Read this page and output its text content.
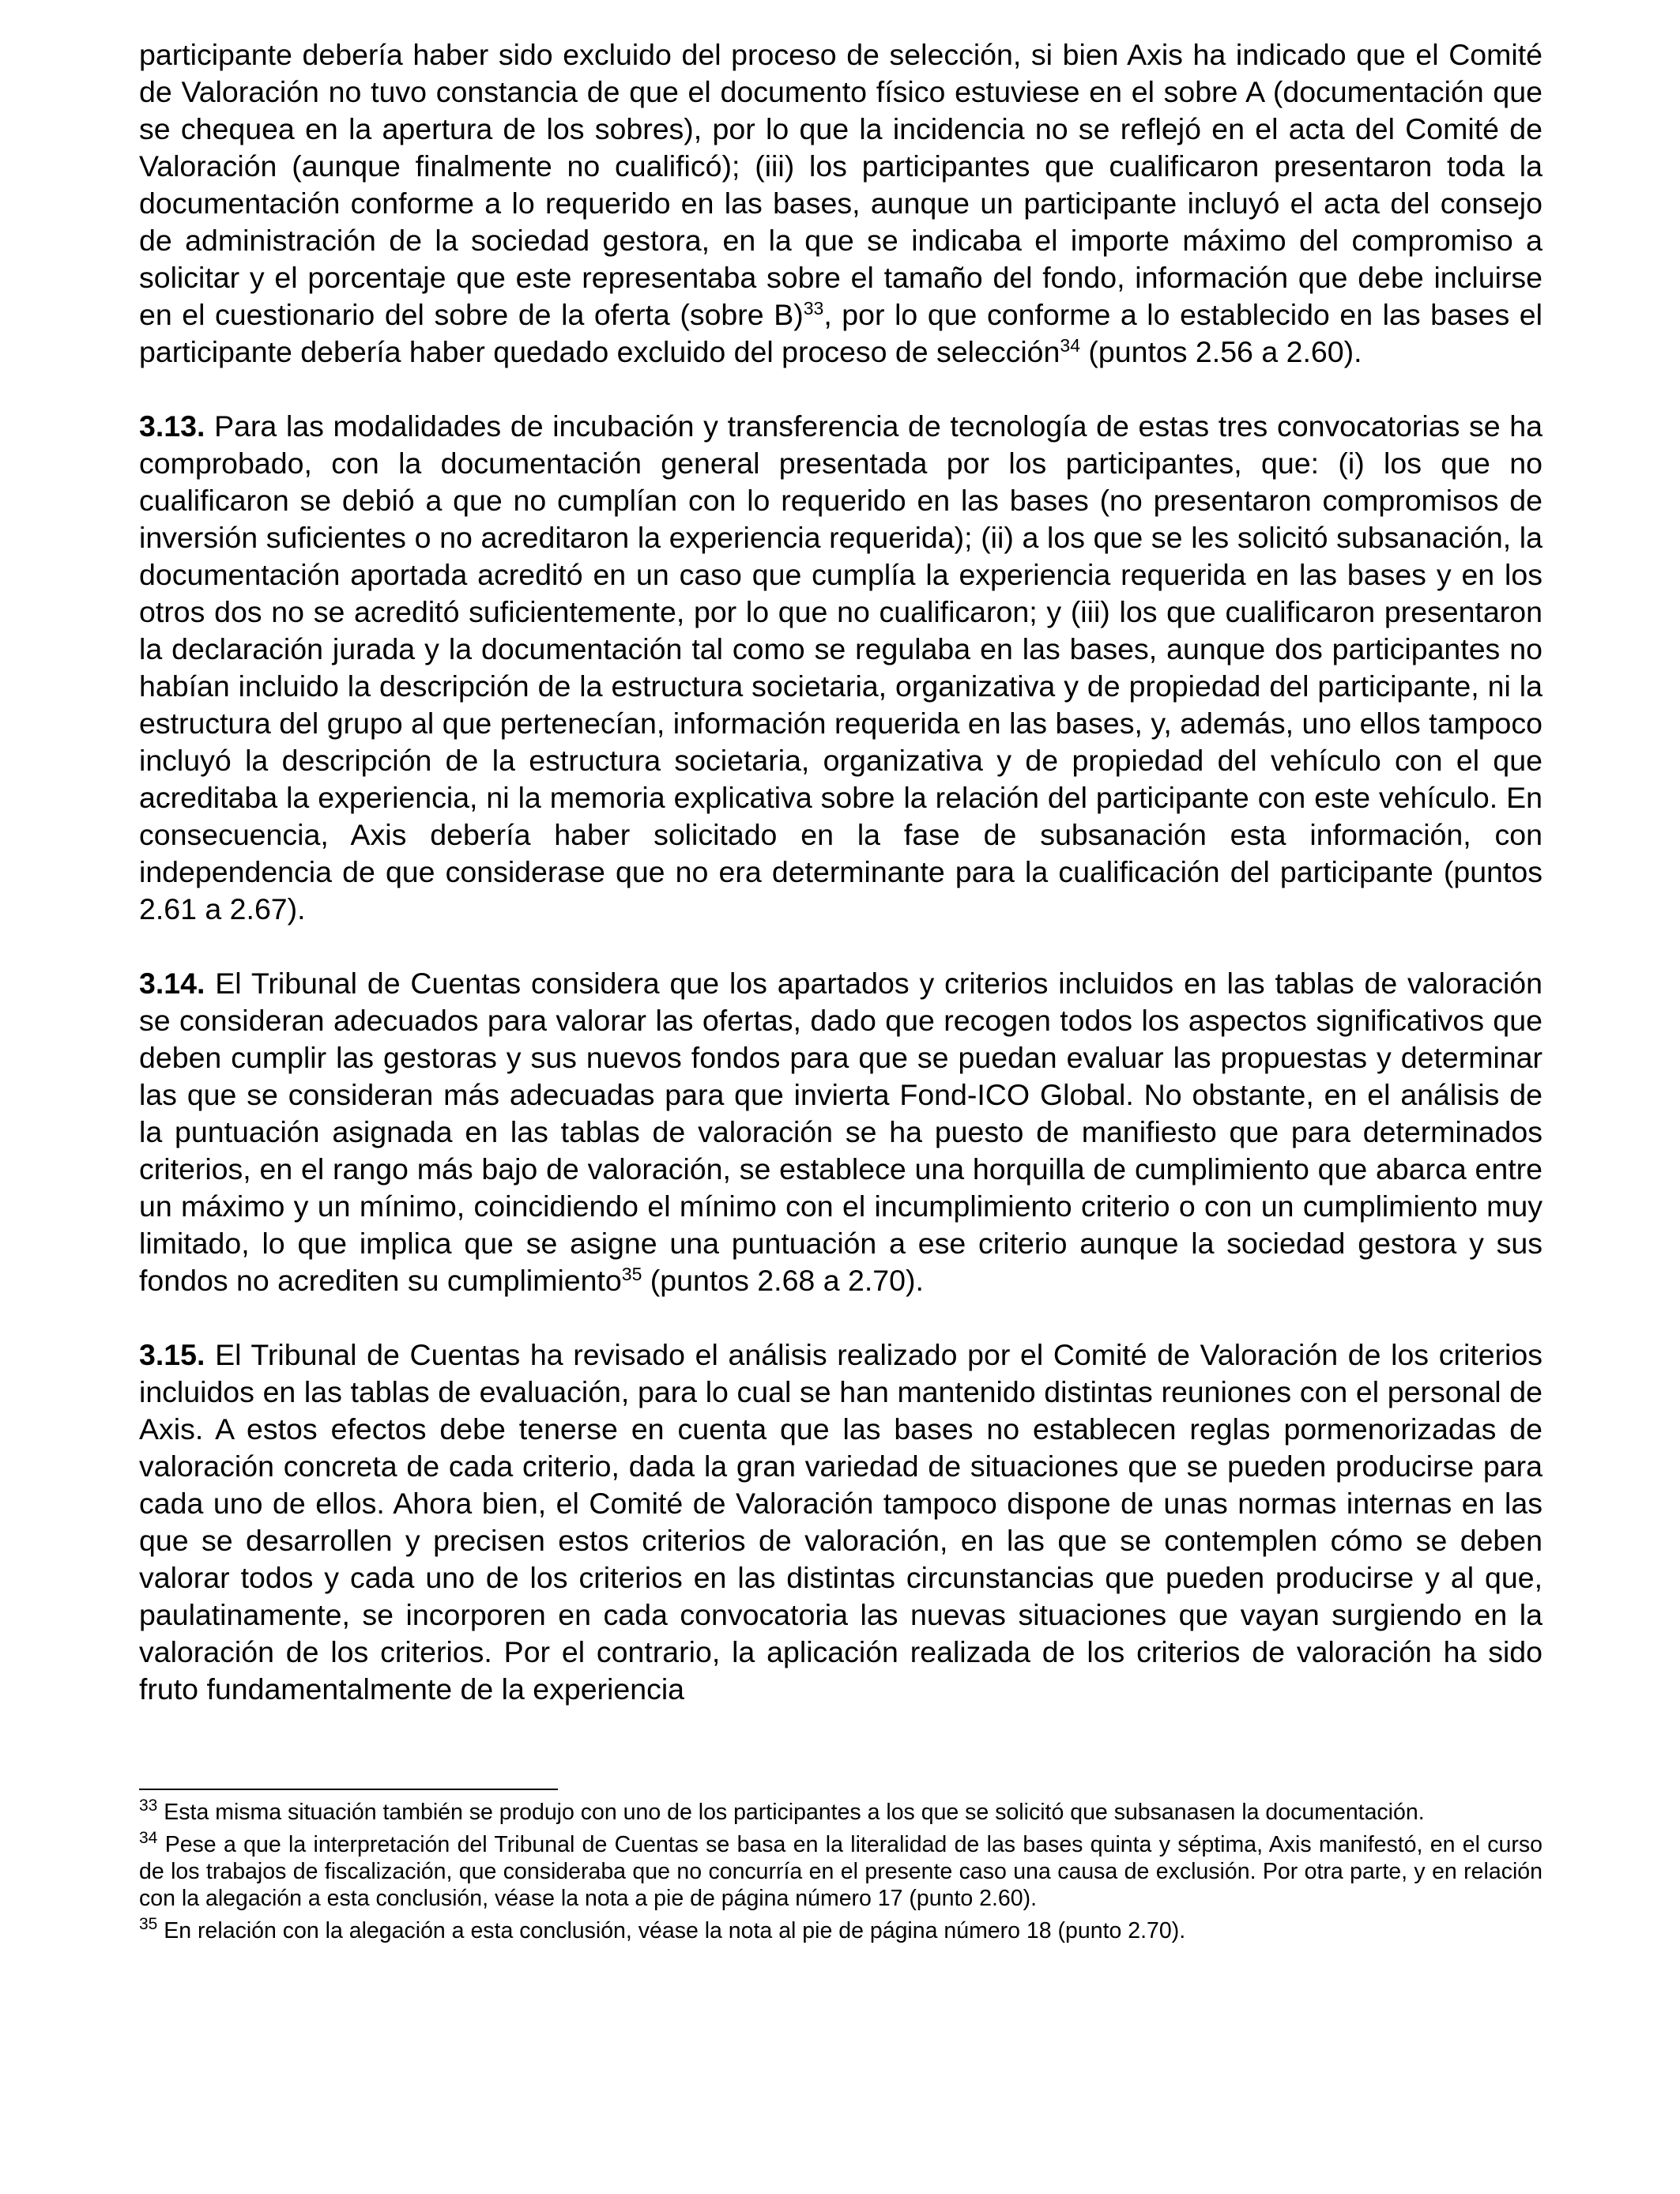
participante debería haber sido excluido del proceso de selección, si bien Axis ha indicado que el Comité de Valoración no tuvo constancia de que el documento físico estuviese en el sobre A (documentación que se chequea en la apertura de los sobres), por lo que la incidencia no se reflejó en el acta del Comité de Valoración (aunque finalmente no cualificó); (iii) los participantes que cualificaron presentaron toda la documentación conforme a lo requerido en las bases, aunque un participante incluyó el acta del consejo de administración de la sociedad gestora, en la que se indicaba el importe máximo del compromiso a solicitar y el porcentaje que este representaba sobre el tamaño del fondo, información que debe incluirse en el cuestionario del sobre de la oferta (sobre B)$^{33}$, por lo que conforme a lo establecido en las bases el participante debería haber quedado excluido del proceso de selección$^{34}$ (puntos 2.56 a 2.60).

3.13. Para las modalidades de incubación y transferencia de tecnología de estas tres convocatorias se ha comprobado, con la documentación general presentada por los participantes, que: (i) los que no cualificaron se debió a que no cumplían con lo requerido en las bases (no presentaron compromisos de inversión suficientes o no acreditaron la experiencia requerida); (ii) a los que se les solicitó subsanación, la documentación aportada acreditó en un caso que cumplía la experiencia requerida en las bases y en los otros dos no se acreditó suficientemente, por lo que no cualificaron; y (iii) los que cualificaron presentaron la declaración jurada y la documentación tal como se regulaba en las bases, aunque dos participantes no habían incluido la descripción de la estructura societaria, organizativa y de propiedad del participante, ni la estructura del grupo al que pertenecían, información requerida en las bases, y, además, uno ellos tampoco incluyó la descripción de la estructura societaria, organizativa y de propiedad del vehículo con el que acreditaba la experiencia, ni la memoria explicativa sobre la relación del participante con este vehículo. En consecuencia, Axis debería haber solicitado en la fase de subsanación esta información, con independencia de que considerase que no era determinante para la cualificación del participante (puntos 2.61 a 2.67).

3.14. El Tribunal de Cuentas considera que los apartados y criterios incluidos en las tablas de valoración se consideran adecuados para valorar las ofertas, dado que recogen todos los aspectos significativos que deben cumplir las gestoras y sus nuevos fondos para que se puedan evaluar las propuestas y determinar las que se consideran más adecuadas para que invierta Fond-ICO Global. No obstante, en el análisis de la puntuación asignada en las tablas de valoración se ha puesto de manifiesto que para determinados criterios, en el rango más bajo de valoración, se establece una horquilla de cumplimiento que abarca entre un máximo y un mínimo, coincidiendo el mínimo con el incumplimiento criterio o con un cumplimiento muy limitado, lo que implica que se asigne una puntuación a ese criterio aunque la sociedad gestora y sus fondos no acrediten su cumplimiento$^{35}$ (puntos 2.68 a 2.70).

3.15. El Tribunal de Cuentas ha revisado el análisis realizado por el Comité de Valoración de los criterios incluidos en las tablas de evaluación, para lo cual se han mantenido distintas reuniones con el personal de Axis. A estos efectos debe tenerse en cuenta que las bases no establecen reglas pormenorizadas de valoración concreta de cada criterio, dada la gran variedad de situaciones que se pueden producirse para cada uno de ellos. Ahora bien, el Comité de Valoración tampoco dispone de unas normas internas en las que se desarrollen y precisen estos criterios de valoración, en las que se contemplen cómo se deben valorar todos y cada uno de los criterios en las distintas circunstancias que pueden producirse y al que, paulatinamente, se incorporen en cada convocatoria las nuevas situaciones que vayan surgiendo en la valoración de los criterios. Por el contrario, la aplicación realizada de los criterios de valoración ha sido fruto fundamentalmente de la experiencia

$^{33}$ Esta misma situación también se produjo con uno de los participantes a los que se solicitó que subsanasen la documentación.

$^{34}$ Pese a que la interpretación del Tribunal de Cuentas se basa en la literalidad de las bases quinta y séptima, Axis manifestó, en el curso de los trabajos de fiscalización, que consideraba que no concurría en el presente caso una causa de exclusión. Por otra parte, y en relación con la alegación a esta conclusión, véase la nota a pie de página número 17 (punto 2.60).

$^{35}$ En relación con la alegación a esta conclusión, véase la nota al pie de página número 18 (punto 2.70).
